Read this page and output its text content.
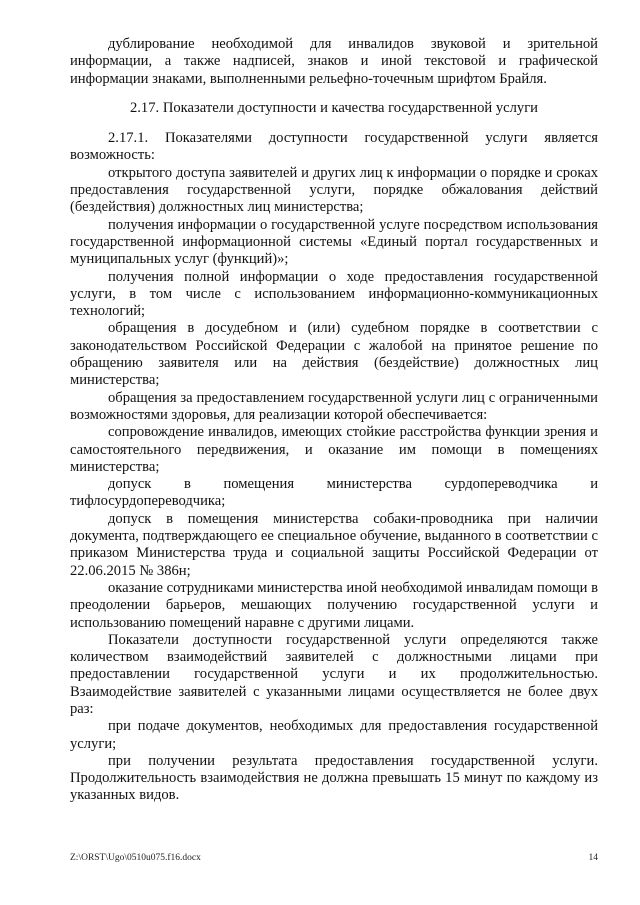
дублирование необходимой для инвалидов звуковой и зрительной информации, а также надписей, знаков и иной текстовой и графической информации знаками, выполненными рельефно-точечным шрифтом Брайля.

2.17. Показатели доступности и качества государственной услуги

2.17.1. Показателями доступности государственной услуги является возможность:

открытого доступа заявителей и других лиц к информации о порядке и сроках предоставления государственной услуги, порядке обжалования действий (бездействия) должностных лиц министерства;

получения информации о государственной услуге посредством использования государственной информационной системы «Единый портал государственных и муниципальных услуг (функций)»;

получения полной информации о ходе предоставления государственной услуги, в том числе с использованием информационно-коммуникационных технологий;

обращения в досудебном и (или) судебном порядке в соответствии с законодательством Российской Федерации с жалобой на принятое решение по обращению заявителя или на действия (бездействие) должностных лиц министерства;

обращения за предоставлением государственной услуги лиц с ограниченными возможностями здоровья, для реализации которой обеспечивается:

сопровождение инвалидов, имеющих стойкие расстройства функции зрения и самостоятельного передвижения, и оказание им помощи в помещениях министерства;

допуск в помещения министерства сурдопереводчика и тифлосурдопереводчика;

допуск в помещения министерства собаки-проводника при наличии документа, подтверждающего ее специальное обучение, выданного в соответствии с приказом Министерства труда и социальной защиты Российской Федерации от 22.06.2015 № 386н;

оказание сотрудниками министерства иной необходимой инвалидам помощи в преодолении барьеров, мешающих получению государственной услуги и использованию помещений наравне с другими лицами.

Показатели доступности государственной услуги определяются также количеством взаимодействий заявителей с должностными лицами при предоставлении государственной услуги и их продолжительностью. Взаимодействие заявителей с указанными лицами осуществляется не более двух раз:

при подаче документов, необходимых для предоставления государственной услуги;

при получении результата предоставления государственной услуги. Продолжительность взаимодействия не должна превышать 15 минут по каждому из указанных видов.

Z:\ORST\Ugo\0510u075.f16.docx	14
